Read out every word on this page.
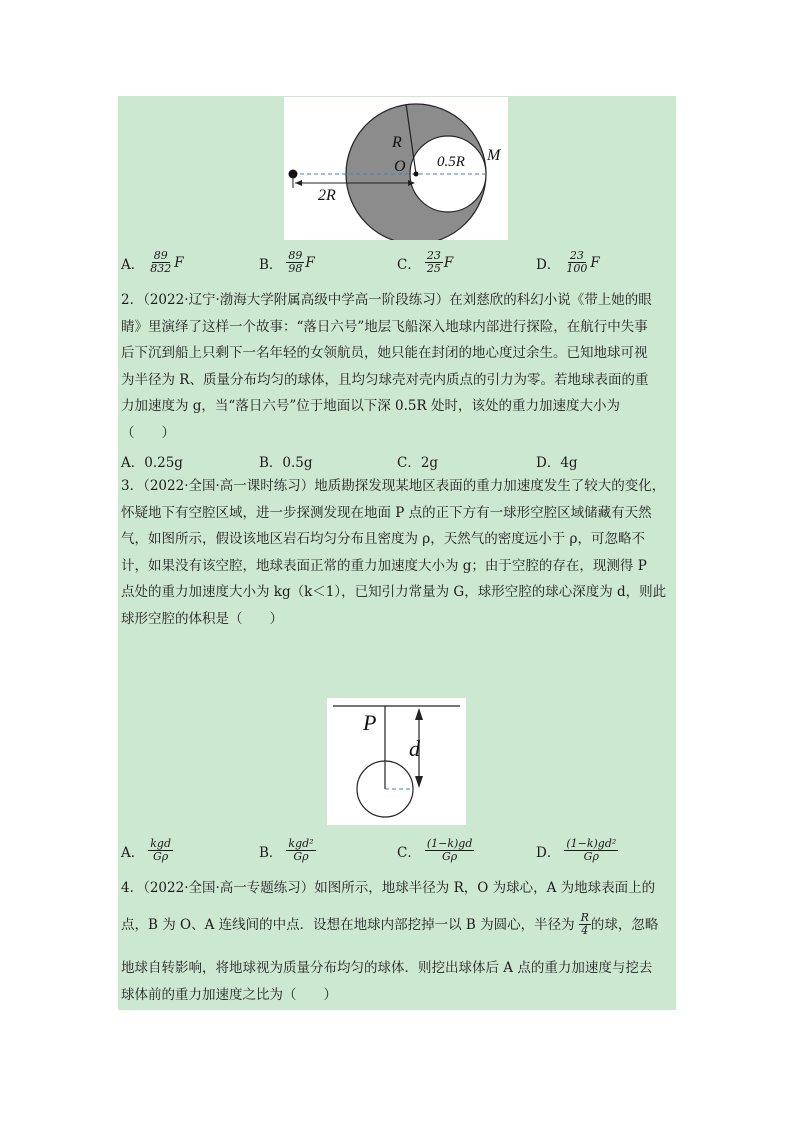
R
O 0.5R M
2R
A． $\frac{89}{832}$ F	B． $\frac{89}{98}$ F	C． $\frac{23}{25}$ F	D． $\frac{23}{100}$ F
2．（2022·辽宁·渤海大学附属高级中学高一阶段练习）在刘慈欣的科幻小说《带上她的眼
睛》里演绎了这样一个故事：“落日六号”地层飞船深入地球内部进行探险，在航行中失事
后下沉到船上只剩下一名年轻的女领航员，她只能在封闭的地心度过余生。已知地球可视
为半径为 R、质量分布均匀的球体，且均匀球壳对壳内质点的引力为零。若地球表面的重
力加速度为 g，当“落日六号”位于地面以下深 0.5R 处时，该处的重力加速度大小为
（　　）
A．0.25g	B．0.5g	C．2g	D．4g
3．（2022·全国·高一课时练习）地质勘探发现某地区表面的重力加速度发生了较大的变化，
怀疑地下有空腔区域，进一步探测发现在地面 P 点的正下方有一球形空腔区域储藏有天然
气，如图所示，假设该地区岩石均匀分布且密度为 ρ，天然气的密度远小于 ρ，可忽略不
计，如果没有该空腔，地球表面正常的重力加速度大小为 g；由于空腔的存在，现测得 P
点处的重力加速度大小为 kg（k＜1），已知引力常量为 G，球形空腔的球心深度为 d，则此
球形空腔的体积是（　　）
P
d
A． $\frac{\text{kgd}}{G\rho}$	B． $\frac{\text{kgd²}}{G\rho}$	C． $\frac{(1-k)gd}{G\rho}$	D． $\frac{\text{(1−k)gd²}}{G\rho}$
4．（2022·全国·高一专题练习）如图所示，地球半径为 R，O 为球心，A 为地球表面上的
点，B 为 O、A 连线间的中点．设想在地球内部挖掉一以 B 为圆心，半径为 $\frac{R}{4}$ 的球，忽略
地球自转影响，将地球视为质量分布均匀的球体．则挖出球体后 A 点的重力加速度与挖去
球体前的重力加速度之比为（　　）
